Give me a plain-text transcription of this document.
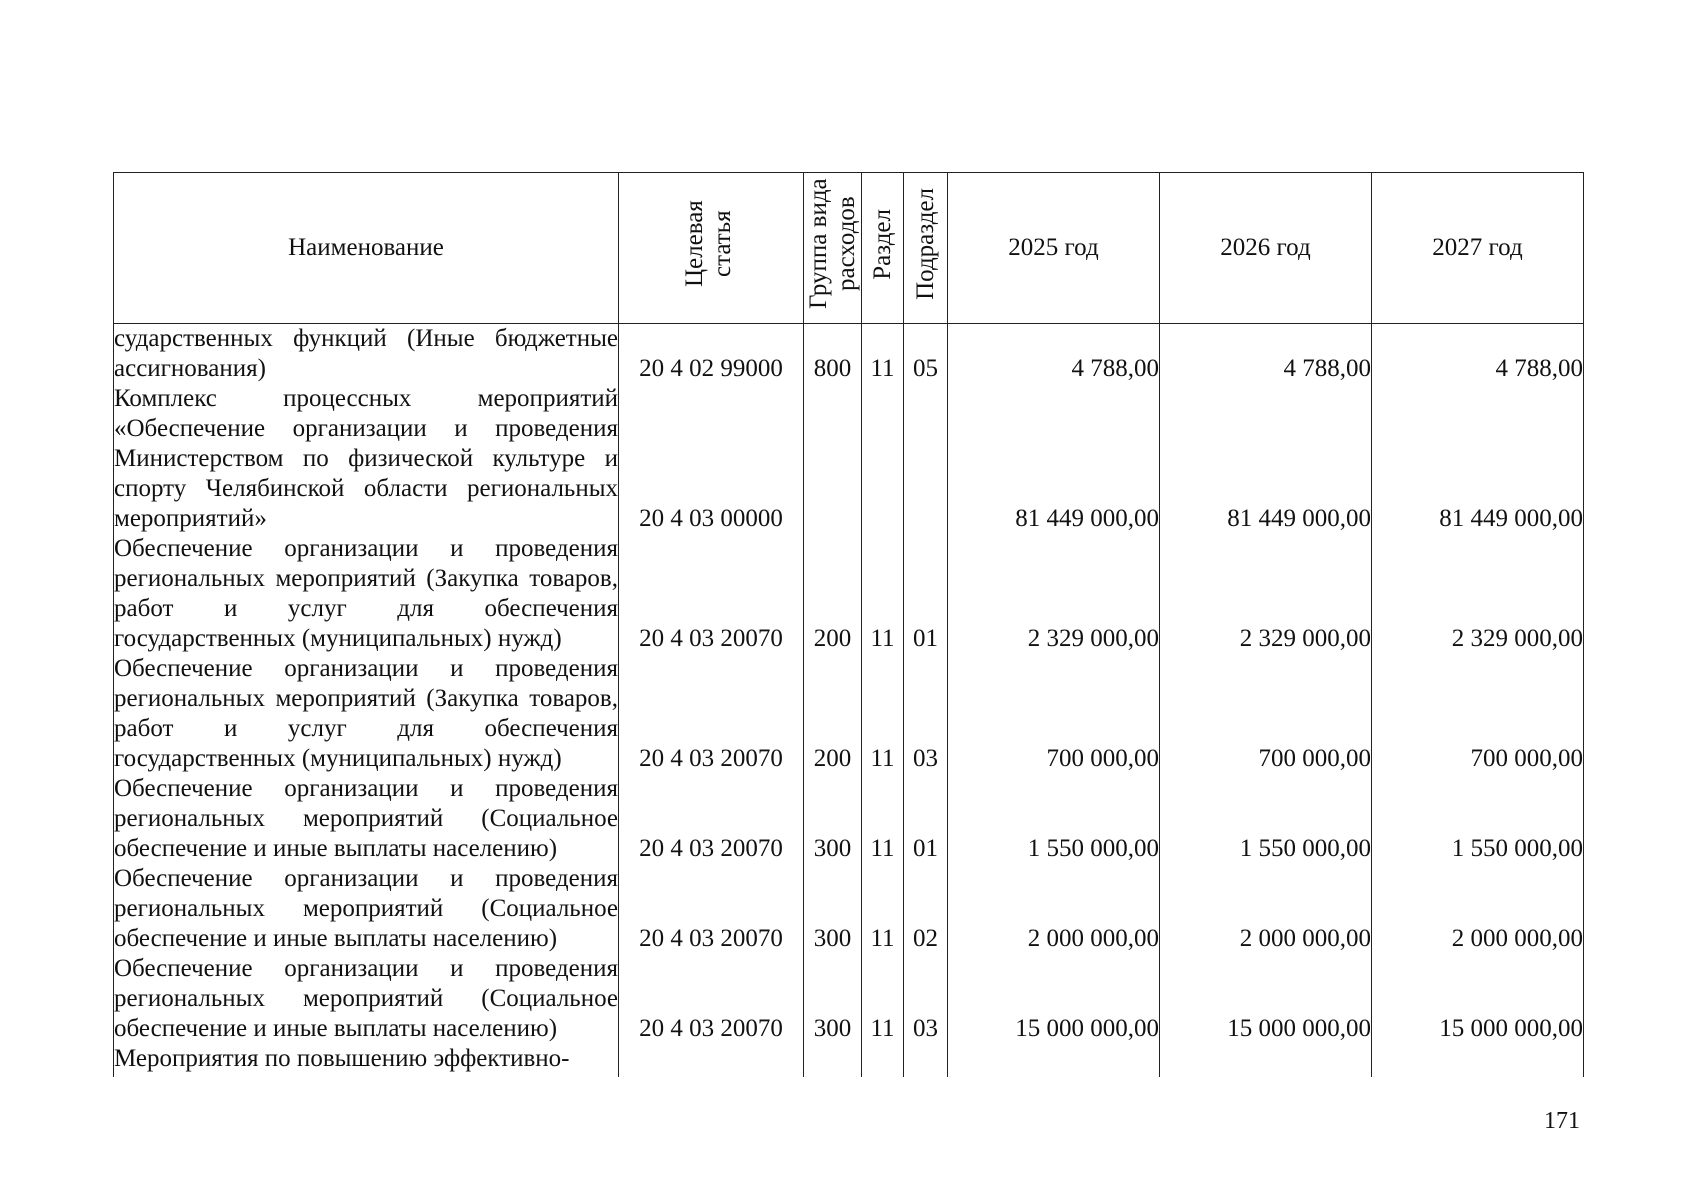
Наименование	Целевая статья	Группа вида расходов	Раздел	Подраздел	2025 год	2026 год	2027 год
сударственных функций (Иные бюджетные ассигнования)	20 4 02 99000	800	11	05	4 788,00	4 788,00	4 788,00
Комплекс процессных мероприятий «Обеспечение организации и проведения Министерством по физической культуре и спорту Челябинской области региональных мероприятий»	20 4 03 00000				81 449 000,00	81 449 000,00	81 449 000,00
Обеспечение организации и проведения региональных мероприятий (Закупка товаров, работ и услуг для обеспечения государственных (муниципальных) нужд)	20 4 03 20070	200	11	01	2 329 000,00	2 329 000,00	2 329 000,00
Обеспечение организации и проведения региональных мероприятий (Закупка товаров, работ и услуг для обеспечения государственных (муниципальных) нужд)	20 4 03 20070	200	11	03	700 000,00	700 000,00	700 000,00
Обеспечение организации и проведения региональных мероприятий (Социальное обеспечение и иные выплаты населению)	20 4 03 20070	300	11	01	1 550 000,00	1 550 000,00	1 550 000,00
Обеспечение организации и проведения региональных мероприятий (Социальное обеспечение и иные выплаты населению)	20 4 03 20070	300	11	02	2 000 000,00	2 000 000,00	2 000 000,00
Обеспечение организации и проведения региональных мероприятий (Социальное обеспечение и иные выплаты населению)	20 4 03 20070	300	11	03	15 000 000,00	15 000 000,00	15 000 000,00
Мероприятия по повышению эффективно-							
171
